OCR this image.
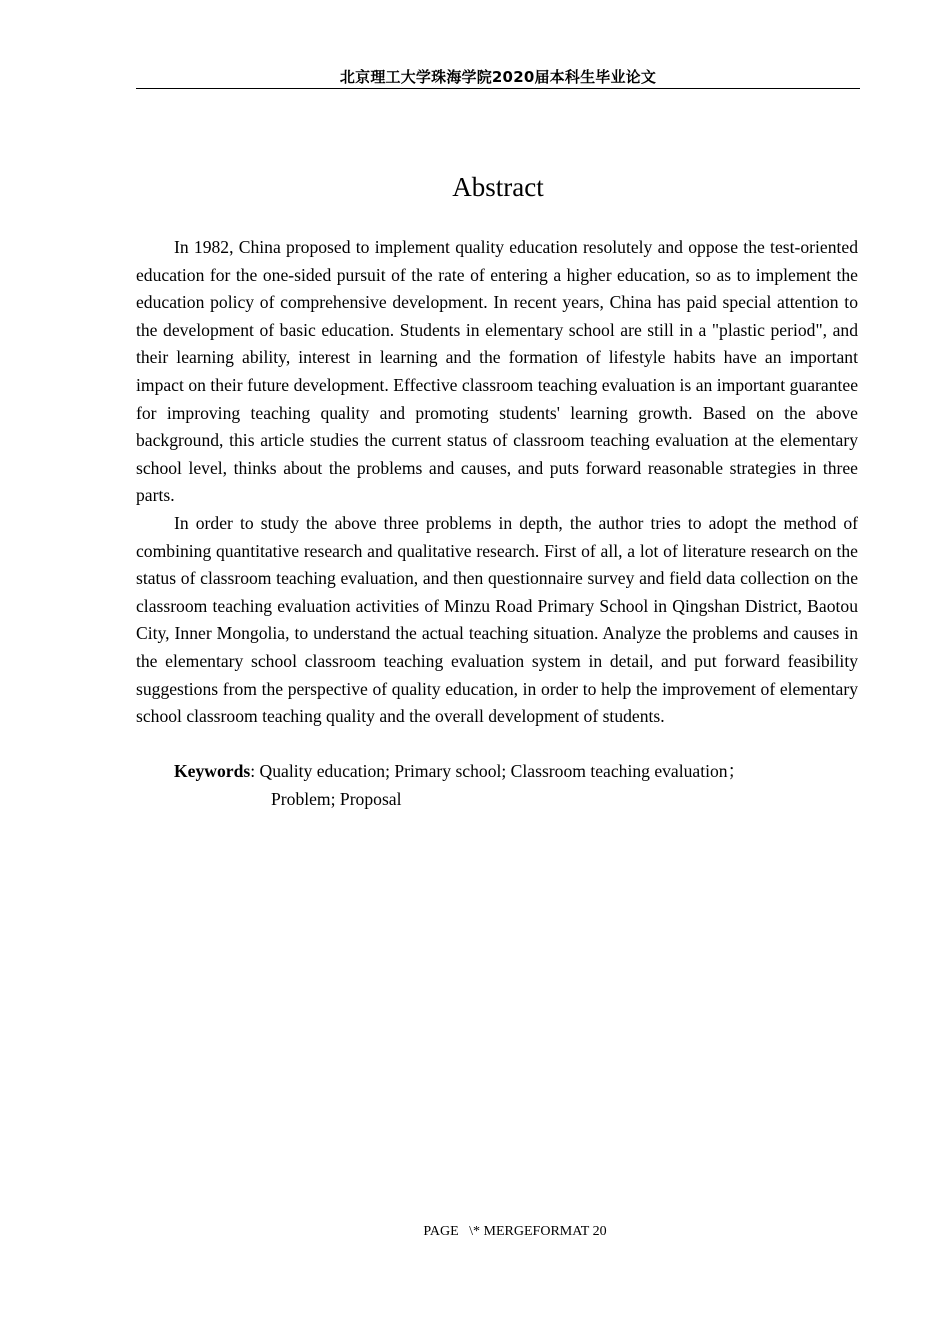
北京理工大学珠海学院2020届本科生毕业论文
Abstract

In 1982, China proposed to implement quality education resolutely and oppose the test-oriented education for the one-sided pursuit of the rate of entering a higher education, so as to implement the education policy of comprehensive development. In recent years, China has paid special attention to the development of basic education. Students in elementary school are still in a "plastic period", and their learning ability, interest in learning and the formation of lifestyle habits have an important impact on their future development. Effective classroom teaching evaluation is an important guarantee for improving teaching quality and promoting students' learning growth. Based on the above background, this article studies the current status of classroom teaching evaluation at the elementary school level, thinks about the problems and causes, and puts forward reasonable strategies in three parts.

In order to study the above three problems in depth, the author tries to adopt the method of combining quantitative research and qualitative research. First of all, a lot of literature research on the status of classroom teaching evaluation, and then questionnaire survey and field data collection on the classroom teaching evaluation activities of Minzu Road Primary School in Qingshan District, Baotou City, Inner Mongolia, to understand the actual teaching situation. Analyze the problems and causes in the elementary school classroom teaching evaluation system in detail, and put forward feasibility suggestions from the perspective of quality education, in order to help the improvement of elementary school classroom teaching quality and the overall development of students.

Keywords: Quality education; Primary school; Classroom teaching evaluation；
Problem; Proposal
PAGE   \* MERGEFORMAT 20
